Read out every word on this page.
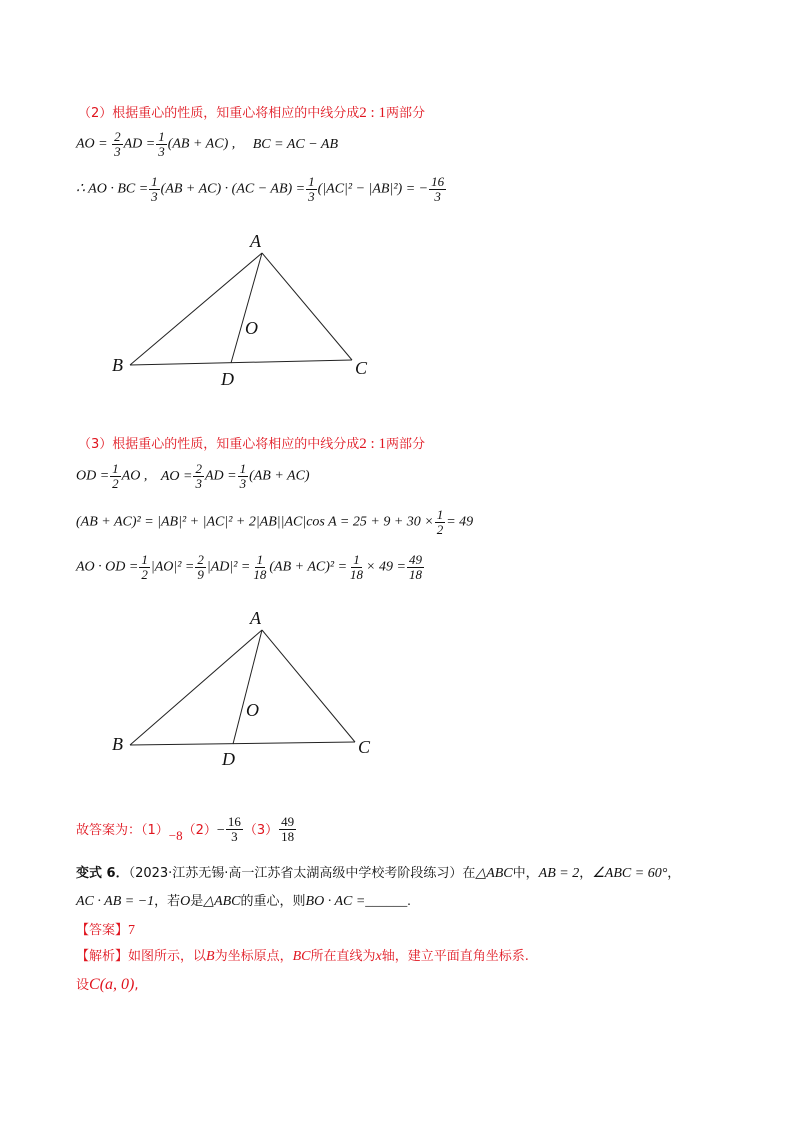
（2）根据重心的性质，知重心将相应的中线分成2 : 1两部分
AO = $\frac{2}{3}$ AD = $\frac{1}{3} (AB + AC)$ , BC = AC − AB
∴ AO · BC = $\frac{1}{3} (AB + AC) \cdot (AC - AB) = \frac{1}{3} (|AC|^2 - |AB|^2)$ = − $\frac{16}{3}$
A
B	C
D
O
（3）根据重心的性质，知重心将相应的中线分成2 : 1两部分
OD = $\frac{1}{2}$ AO , AO = $\frac{2}{3}$ AD = $\frac{1}{3} (AB + AC)$
(AB + AC)² = |AB|² + |AC|² + 2|AB||AC|cos $A = 25 + 9 + 30 \times \frac{1}{2} = 49$
AO · OD = $\frac{1}{2} |AO|^2 = \frac{2}{9} |AD|^2 = \frac{1}{18} (AB + AC)^2 = \frac{1}{18} \times 49 = \frac{49}{18}$
A
B	C
D
O
故答案为：$(1)_{-8}(2)- \frac{16}{3} (3) \frac{49}{18}$
变式 6．（2023·江苏无锡·高一江苏省太湖高级中学校考阶段练习）在△ABC中，AB = 2，∠ABC = 60°，
AC · AB = −1，若O是△ABC的重心，则BO · AC =______.
【答案】7
【解析】如图所示，以B为坐标原点，BC所在直线为x轴，建立平面直角坐标系.
设C(a, 0),
